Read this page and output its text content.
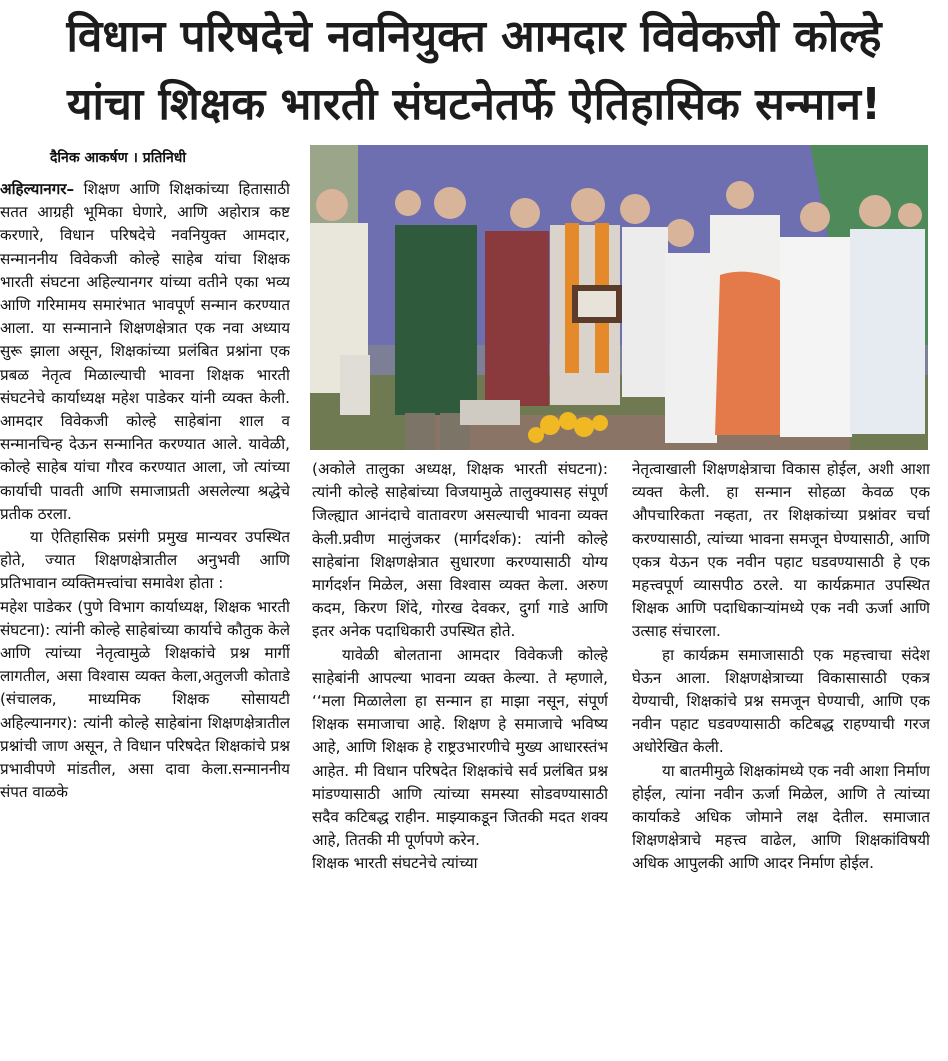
विधान परिषदेचे नवनियुक्त आमदार विवेकजी कोल्हे
यांचा शिक्षक भारती संघटनेतर्फे ऐतिहासिक सन्मान!
दैनिक आकर्षण । प्रतिनिधी

अहिल्यानगर– शिक्षण आणि शिक्षकांच्या हितासाठी सतत आग्रही भूमिका घेणारे, आणि अहोरात्र कष्ट करणारे, विधान परिषदेचे नवनियुक्त आमदार, सन्माननीय विवेकजी कोल्हे साहेब यांचा शिक्षक भारती संघटना अहिल्यानगर यांच्या वतीने एका भव्य आणि गरिमामय समारंभात भावपूर्ण सन्मान करण्यात आला. या सन्मानाने शिक्षणक्षेत्रात एक नवा अध्याय सुरू झाला असून, शिक्षकांच्या प्रलंबित प्रश्नांना एक प्रबळ नेतृत्व मिळाल्याची भावना शिक्षक भारती संघटनेचे कार्याध्यक्ष महेश पाडेकर यांनी व्यक्त केली. आमदार विवेकजी कोल्हे साहेबांना शाल व सन्मानचिन्ह देऊन सन्मानित करण्यात आले. यावेळी, कोल्हे साहेब यांचा गौरव करण्यात आला, जो त्यांच्या कार्याची पावती आणि समाजाप्रती असलेल्या श्रद्धेचे प्रतीक ठरला.

या ऐतिहासिक प्रसंगी प्रमुख मान्यवर उपस्थित होते, ज्यात शिक्षणक्षेत्रातील अनुभवी आणि प्रतिभावान व्यक्तिमत्त्वांचा समावेश होता :

महेश पाडेकर (पुणे विभाग कार्याध्यक्ष, शिक्षक भारती संघटना): त्यांनी कोल्हे साहेबांच्या कार्याचे कौतुक केले आणि त्यांच्या नेतृत्वामुळे शिक्षकांचे प्रश्न मार्गी लागतील, असा विश्वास व्यक्त केला,अतुलजी कोताडे (संचालक, माध्यमिक शिक्षक सोसायटी अहिल्यानगर): त्यांनी कोल्हे साहेबांना शिक्षणक्षेत्रातील प्रश्नांची जाण असून, ते विधान परिषदेत शिक्षकांचे प्रश्न प्रभावीपणे मांडतील, असा दावा केला.सन्माननीय संपत वाळके

(अकोले तालुका अध्यक्ष, शिक्षक भारती संघटना): त्यांनी कोल्हे साहेबांच्या विजयामुळे तालुक्यासह संपूर्ण जिल्ह्यात आनंदाचे वातावरण असल्याची भावना व्यक्त केली.प्रवीण मालुंजकर (मार्गदर्शक): त्यांनी कोल्हे साहेबांना शिक्षणक्षेत्रात सुधारणा करण्यासाठी योग्य मार्गदर्शन मिळेल, असा विश्वास व्यक्त केला. अरुण कदम, किरण शिंदे, गोरख देवकर, दुर्गा गाडे आणि इतर अनेक पदाधिकारी उपस्थित होते.

यावेळी बोलताना आमदार विवेकजी कोल्हे साहेबांनी आपल्या भावना व्यक्त केल्या. ते म्हणाले, ‘‘मला मिळालेला हा सन्मान हा माझा नसून, संपूर्ण शिक्षक समाजाचा आहे. शिक्षण हे समाजाचे भविष्य आहे, आणि शिक्षक हे राष्ट्रउभारणीचे मुख्य आधारस्तंभ आहेत. मी विधान परिषदेत शिक्षकांचे सर्व प्रलंबित प्रश्न मांडण्यासाठी आणि त्यांच्या समस्या सोडवण्यासाठी सदैव कटिबद्ध राहीन. माझ्याकडून जितकी मदत शक्य आहे, तितकी मी पूर्णपणे करेन.

शिक्षक भारती संघटनेचे त्यांच्या

नेतृत्वाखाली शिक्षणक्षेत्राचा विकास होईल, अशी आशा व्यक्त केली. हा सन्मान सोहळा केवळ एक औपचारिकता नव्हता, तर शिक्षकांच्या प्रश्नांवर चर्चा करण्यासाठी, त्यांच्या भावना समजून घेण्यासाठी, आणि एकत्र येऊन एक नवीन पहाट घडवण्यासाठी हे एक महत्त्वपूर्ण व्यासपीठ ठरले. या कार्यक्रमात उपस्थित शिक्षक आणि पदाधिकाऱ्यांमध्ये एक नवी ऊर्जा आणि उत्साह संचारला.

हा कार्यक्रम समाजासाठी एक महत्त्वाचा संदेश घेऊन आला. शिक्षणक्षेत्राच्या विकासासाठी एकत्र येण्याची, शिक्षकांचे प्रश्न समजून घेण्याची, आणि एक नवीन पहाट घडवण्यासाठी कटिबद्ध राहण्याची गरज अधोरेखित केली.

या बातमीमुळे शिक्षकांमध्ये एक नवी आशा निर्माण होईल, त्यांना नवीन ऊर्जा मिळेल, आणि ते त्यांच्या कार्याकडे अधिक जोमाने लक्ष देतील. समाजात शिक्षणक्षेत्राचे महत्त्व वाढेल, आणि शिक्षकांविषयी अधिक आपुलकी आणि आदर निर्माण होईल.
